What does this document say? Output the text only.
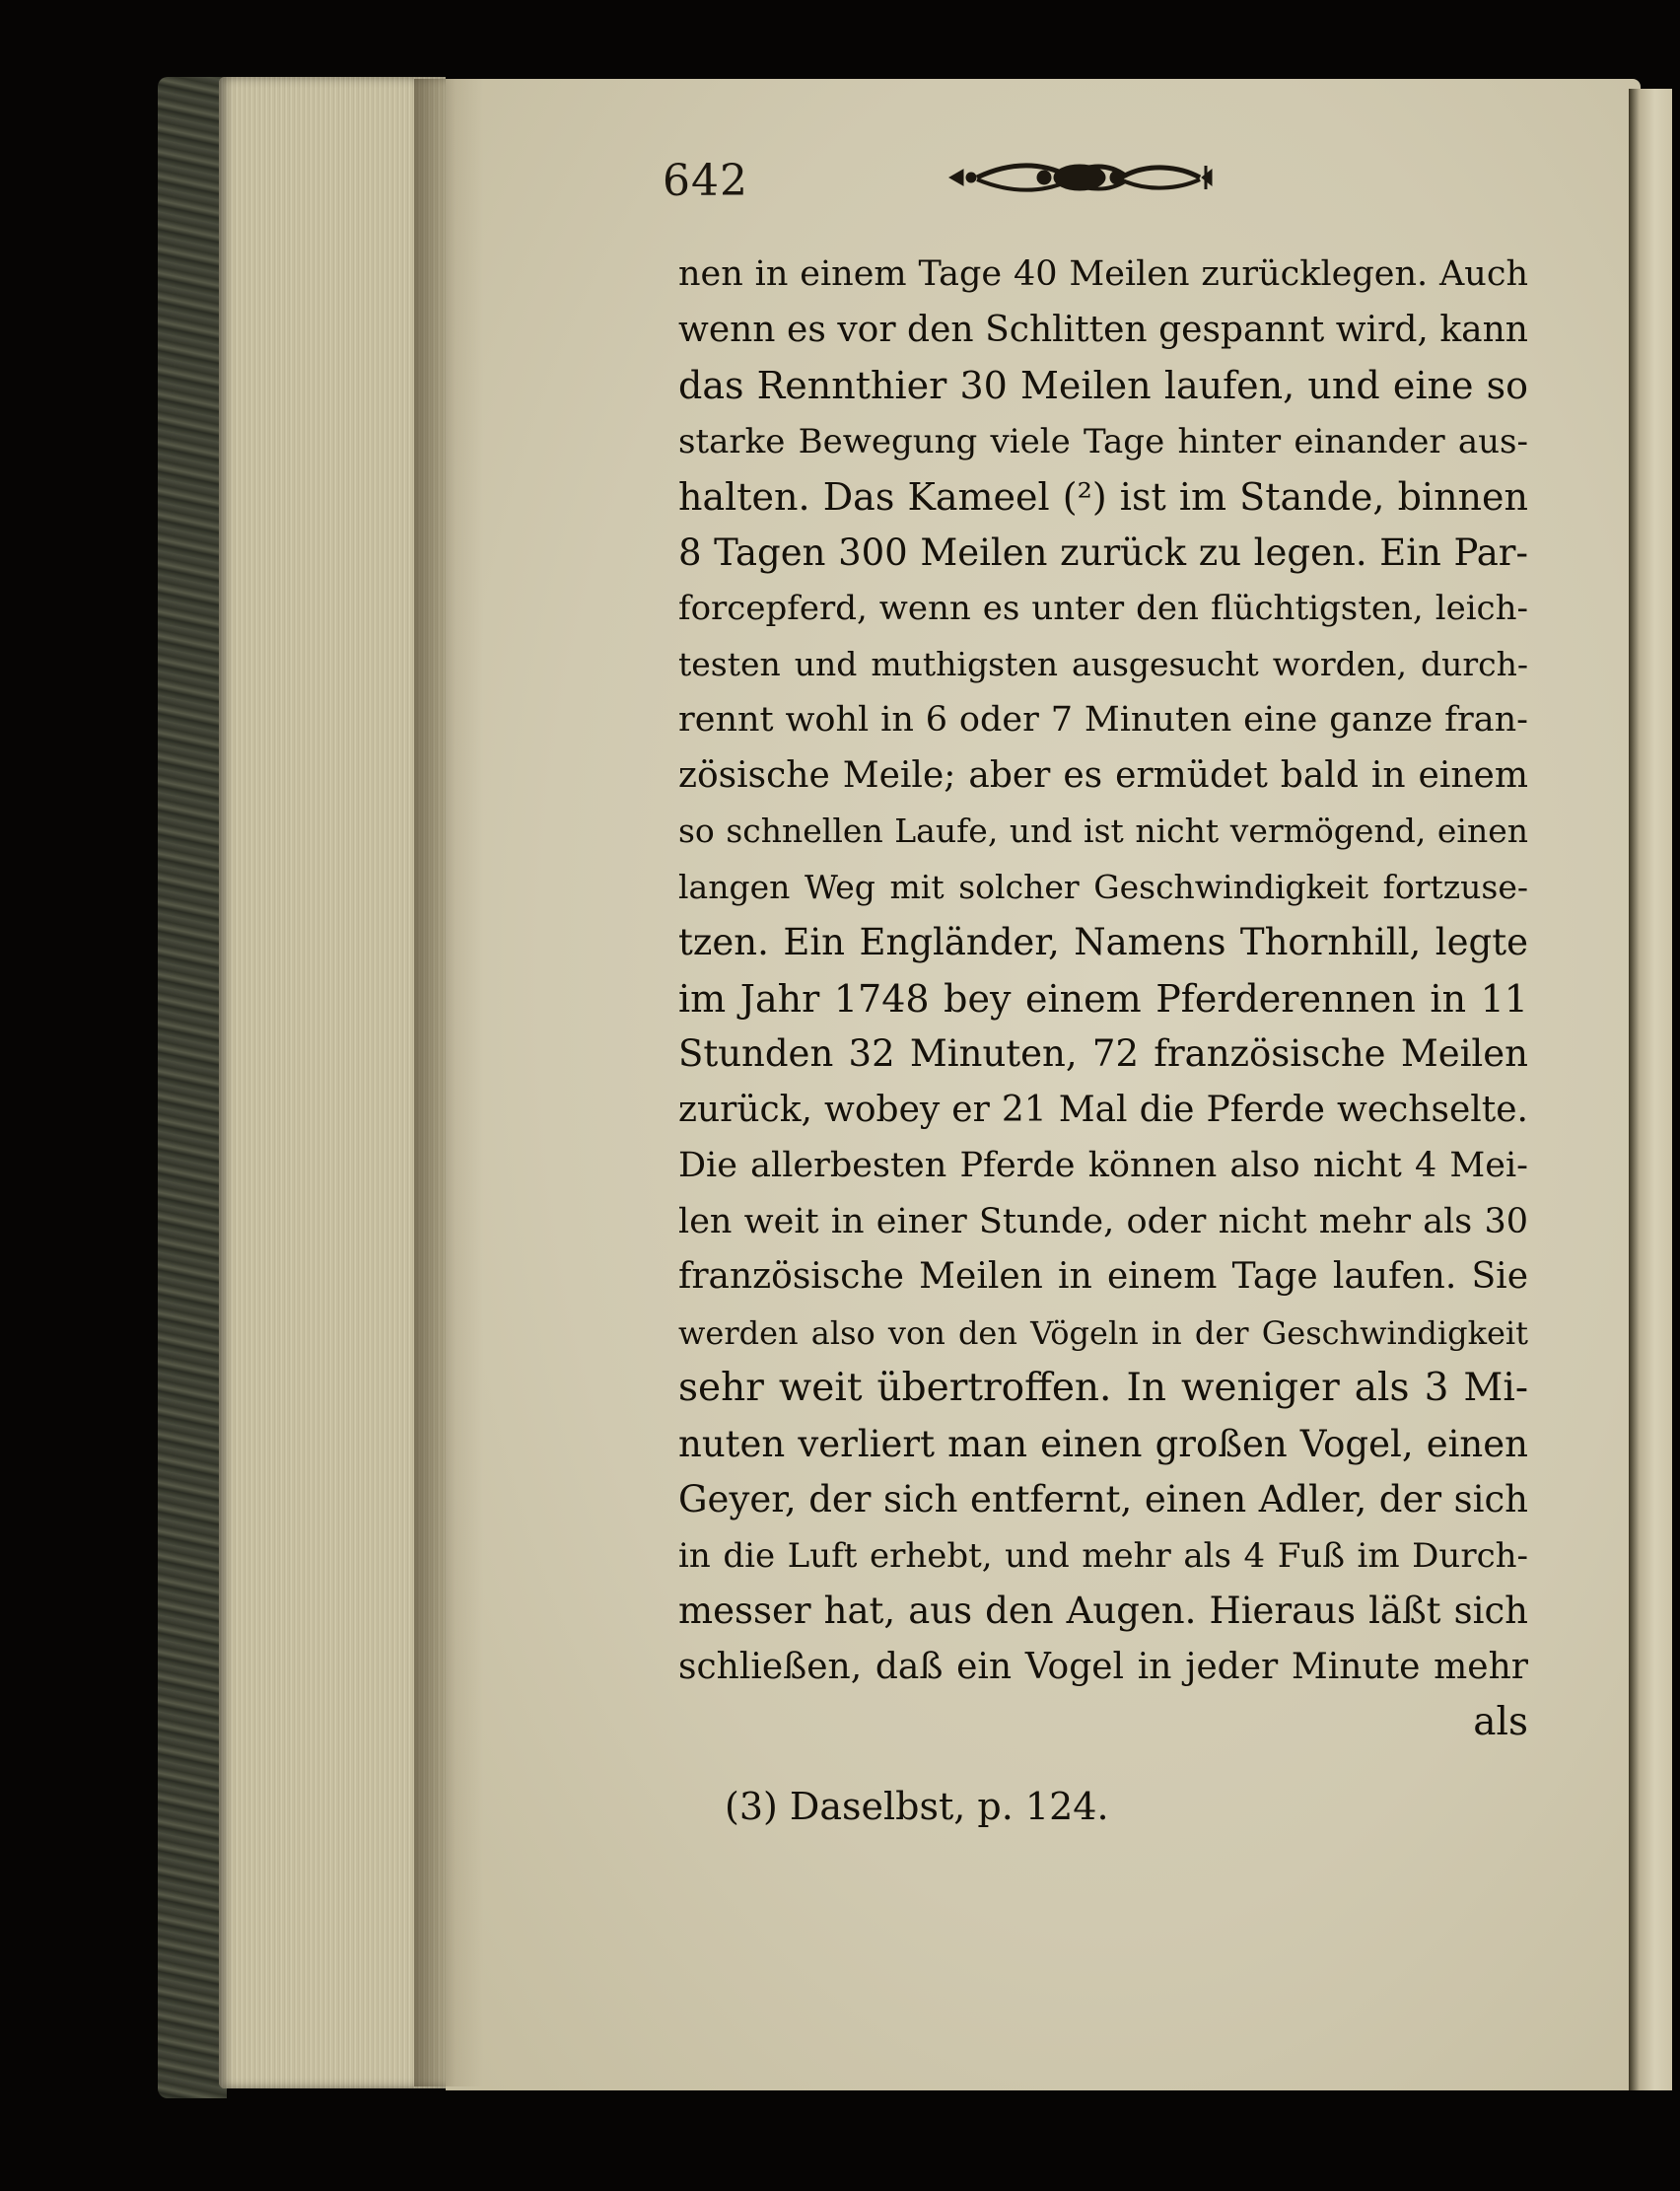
642
nen in einem Tage 40 Meilen zurücklegen. Auch
wenn es vor den Schlitten gespannt wird, kann
das Rennthier 30 Meilen laufen, und eine so
starke Bewegung viele Tage hinter einander aus-
halten. Das Kameel (²) ist im Stande, binnen
8 Tagen 300 Meilen zurück zu legen. Ein Par-
forcepferd, wenn es unter den flüchtigsten, leich-
testen und muthigsten ausgesucht worden, durch-
rennt wohl in 6 oder 7 Minuten eine ganze fran-
zösische Meile; aber es ermüdet bald in einem
so schnellen Laufe, und ist nicht vermögend, einen
langen Weg mit solcher Geschwindigkeit fortzuse-
tzen. Ein Engländer, Namens Thornhill, legte
im Jahr 1748 bey einem Pferderennen in 11
Stunden 32 Minuten, 72 französische Meilen
zurück, wobey er 21 Mal die Pferde wechselte.
Die allerbesten Pferde können also nicht 4 Mei-
len weit in einer Stunde, oder nicht mehr als 30
französische Meilen in einem Tage laufen. Sie
werden also von den Vögeln in der Geschwindigkeit
sehr weit übertroffen. In weniger als 3 Mi-
nuten verliert man einen großen Vogel, einen
Geyer, der sich entfernt, einen Adler, der sich
in die Luft erhebt, und mehr als 4 Fuß im Durch-
messer hat, aus den Augen. Hieraus läßt sich
schließen, daß ein Vogel in jeder Minute mehr
als
(3) Daselbst, p. 124.
